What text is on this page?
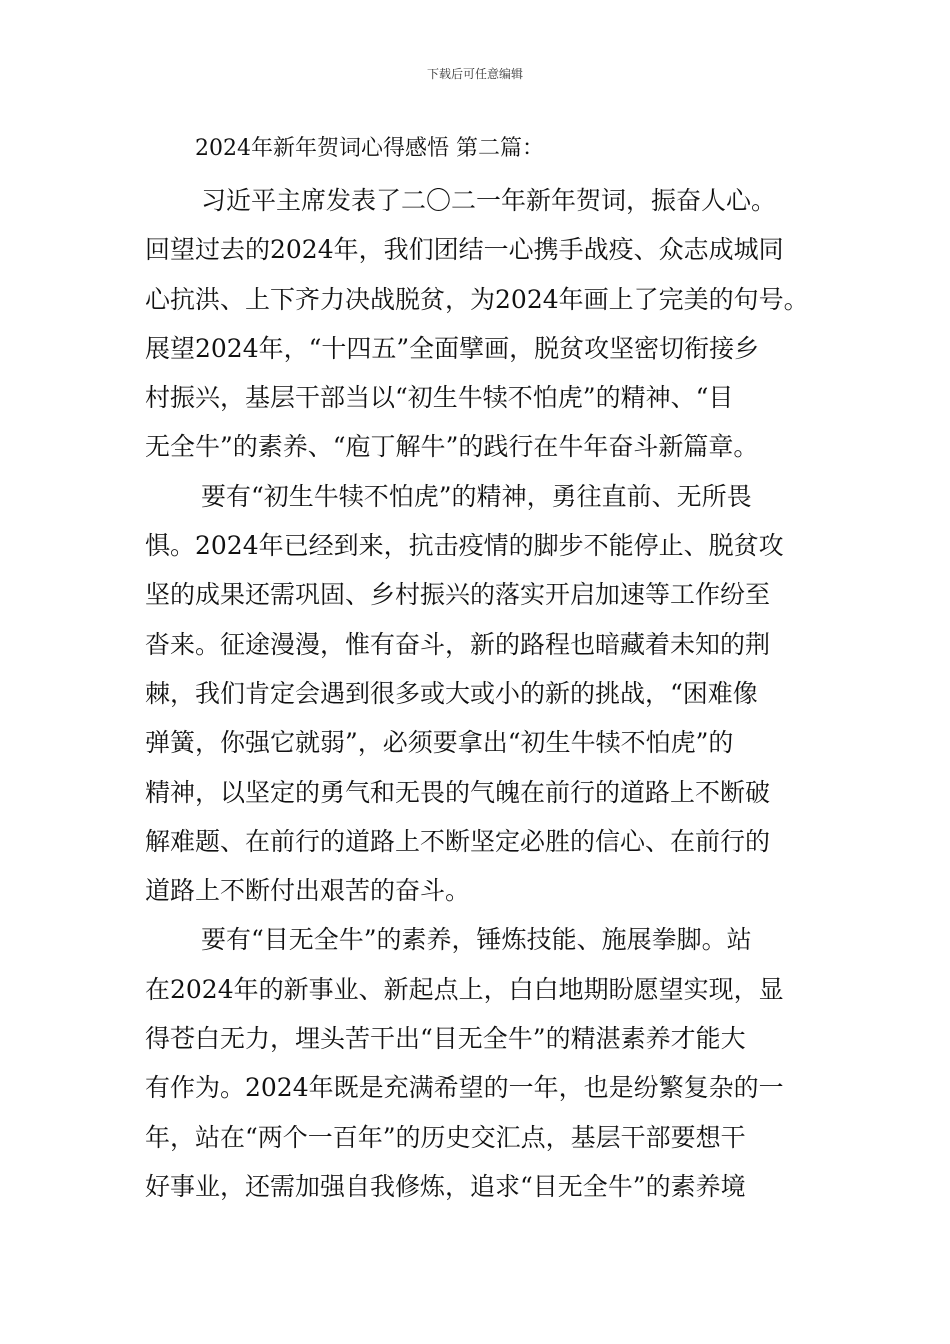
下载后可任意编辑
2024年新年贺词心得感悟 第二篇：
习近平主席发表了二〇二一年新年贺词，振奋人心。
回望过去的2024年，我们团结一心携手战疫、众志成城同
心抗洪、上下齐力决战脱贫，为2024年画上了完美的句号。
展望2024年，“十四五”全面擘画，脱贫攻坚密切衔接乡
村振兴，基层干部当以“初生牛犊不怕虎”的精神、“目
无全牛”的素养、“庖丁解牛”的践行在牛年奋斗新篇章。
要有“初生牛犊不怕虎”的精神，勇往直前、无所畏
惧。2024年已经到来，抗击疫情的脚步不能停止、脱贫攻
坚的成果还需巩固、乡村振兴的落实开启加速等工作纷至
沓来。征途漫漫，惟有奋斗，新的路程也暗藏着未知的荆
棘，我们肯定会遇到很多或大或小的新的挑战，“困难像
弹簧，你强它就弱”，必须要拿出“初生牛犊不怕虎”的
精神，以坚定的勇气和无畏的气魄在前行的道路上不断破
解难题、在前行的道路上不断坚定必胜的信心、在前行的
道路上不断付出艰苦的奋斗。
要有“目无全牛”的素养，锤炼技能、施展拳脚。站
在2024年的新事业、新起点上，白白地期盼愿望实现，显
得苍白无力，埋头苦干出“目无全牛”的精湛素养才能大
有作为。2024年既是充满希望的一年，也是纷繁复杂的一
年，站在“两个一百年”的历史交汇点，基层干部要想干
好事业，还需加强自我修炼，追求“目无全牛”的素养境
